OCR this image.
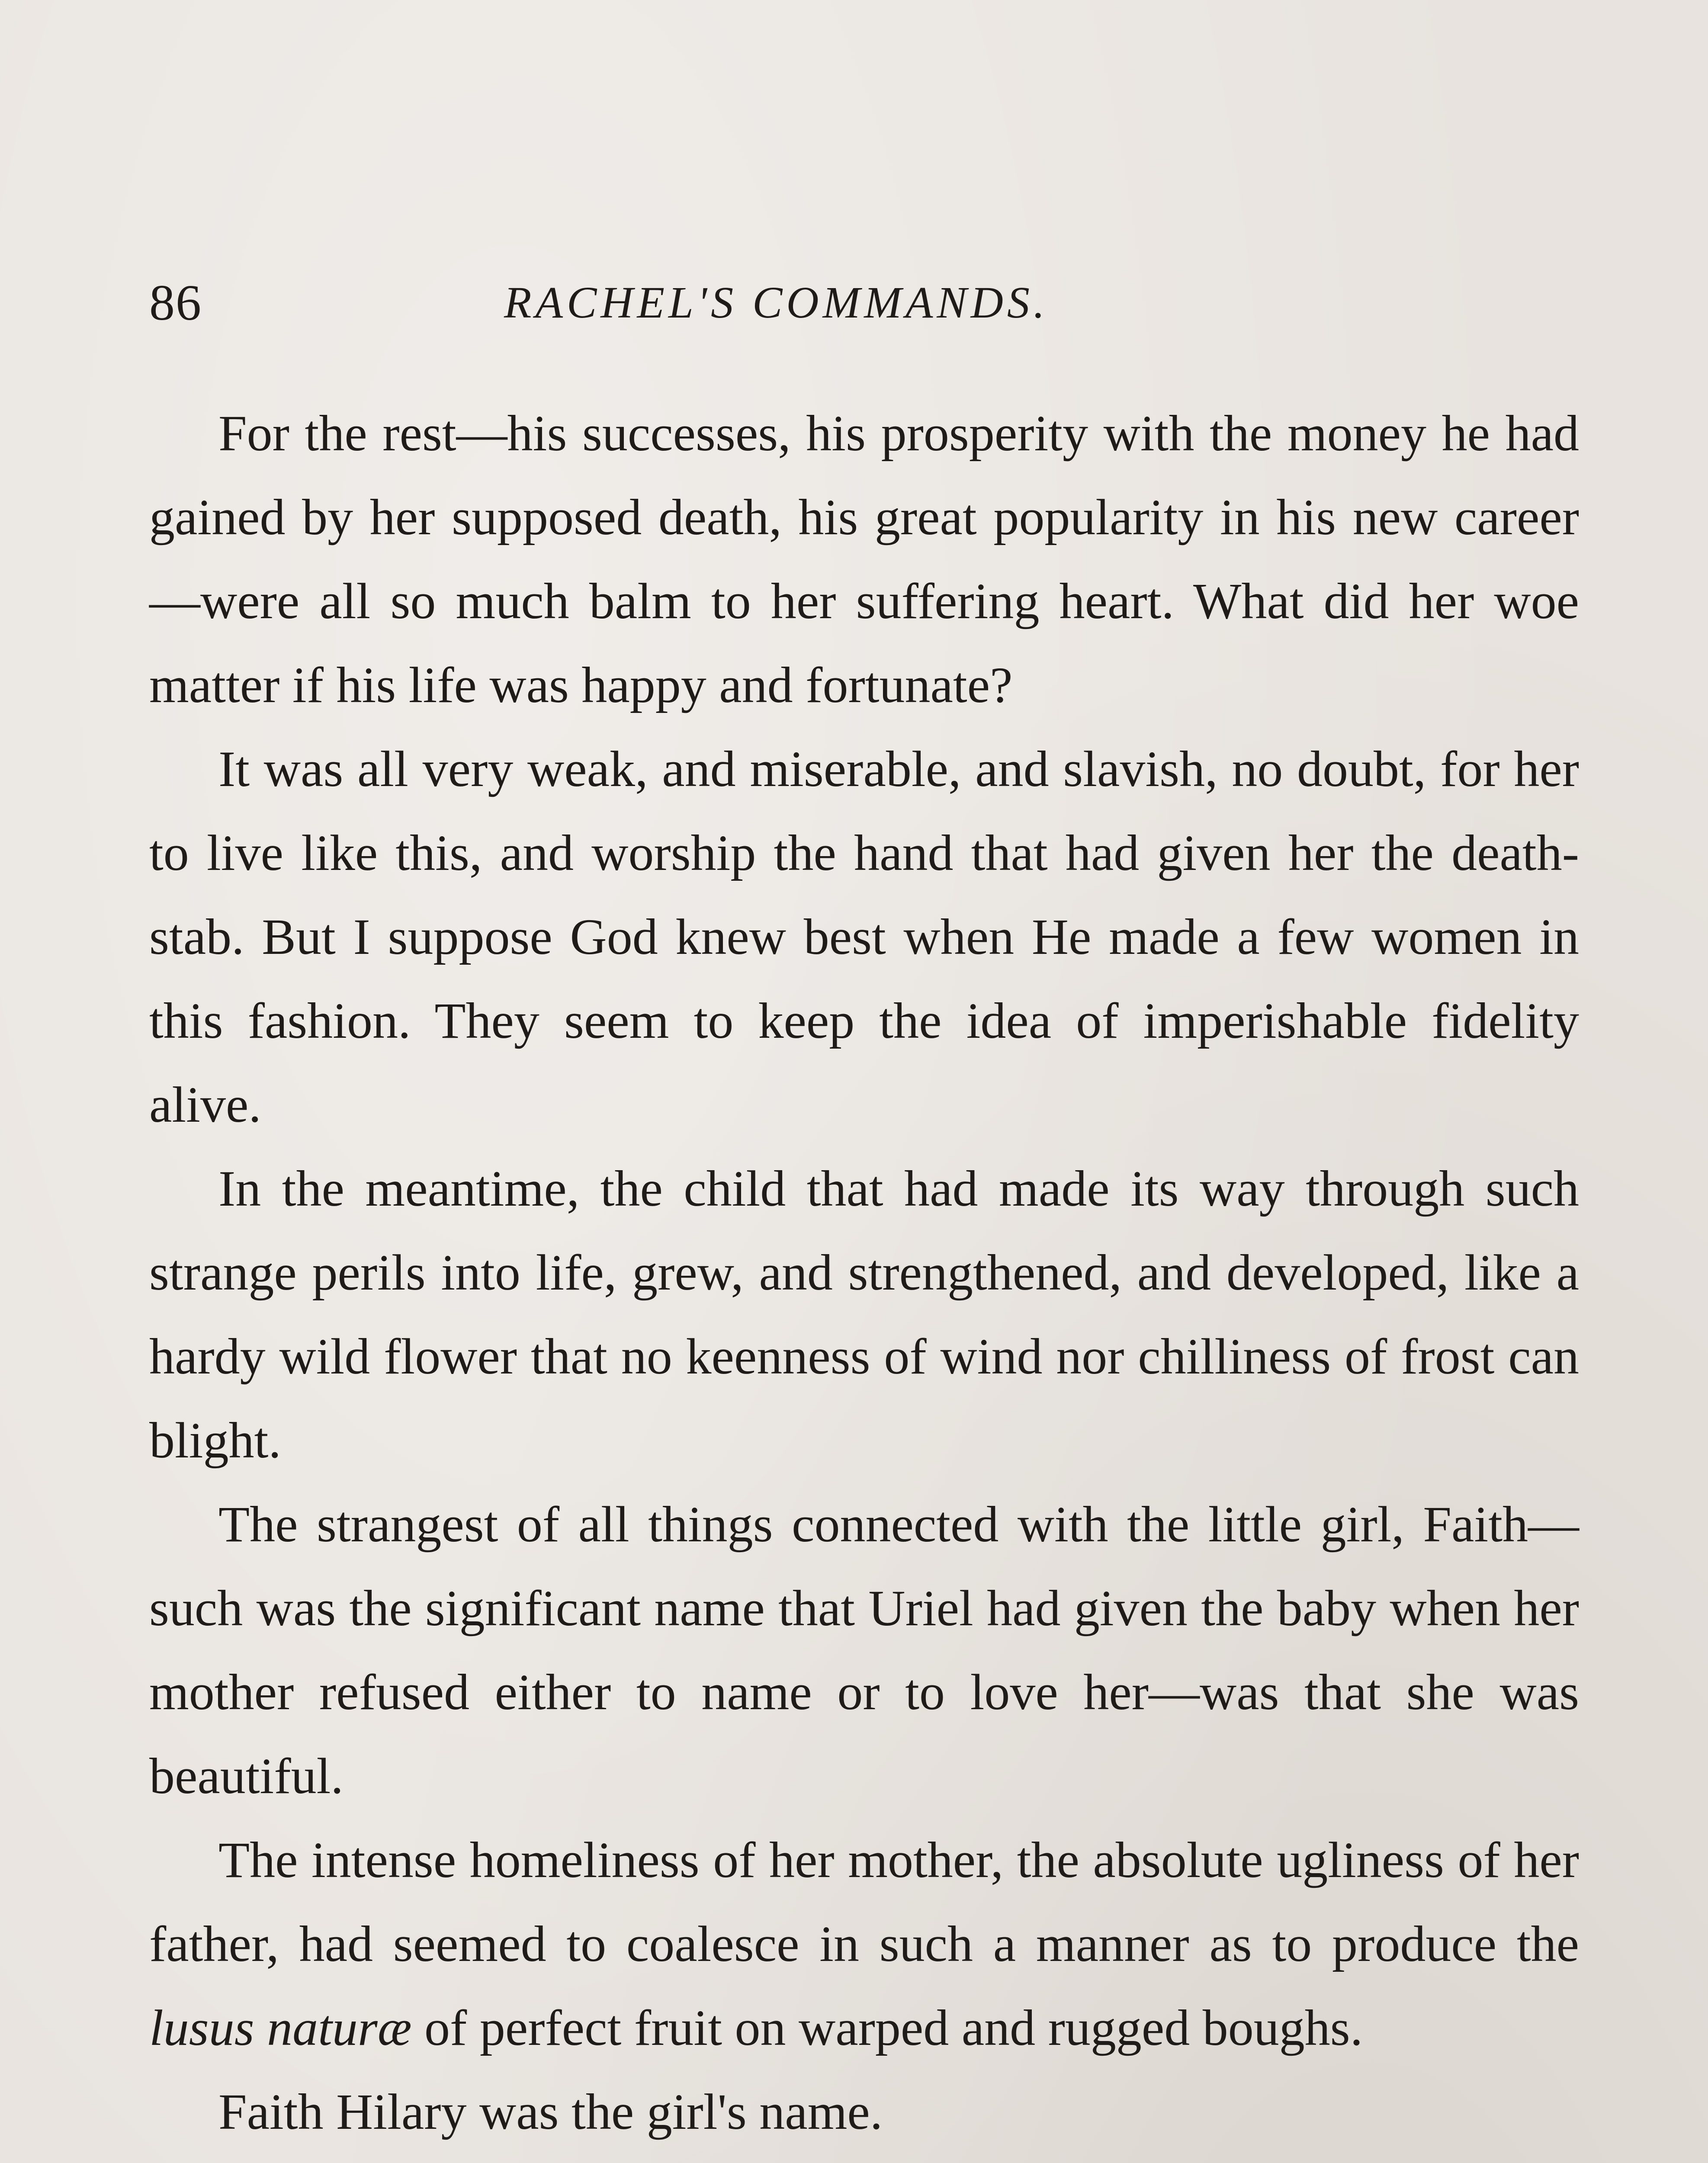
86	RACHEL'S COMMANDS.

For the rest—his successes, his prosperity with the money he had gained by her supposed death, his great popularity in his new career—were all so much balm to her suffering heart. What did her woe matter if his life was happy and fortunate?

It was all very weak, and miserable, and slavish, no doubt, for her to live like this, and worship the hand that had given her the death-stab. But I suppose God knew best when He made a few women in this fashion. They seem to keep the idea of imperishable fidelity alive.

In the meantime, the child that had made its way through such strange perils into life, grew, and strengthened, and developed, like a hardy wild flower that no keenness of wind nor chilliness of frost can blight.

The strangest of all things connected with the little girl, Faith—such was the significant name that Uriel had given the baby when her mother refused either to name or to love her—was that she was beautiful.

The intense homeliness of her mother, the absolute ugliness of her father, had seemed to coalesce in such a manner as to produce the lusus naturæ of perfect fruit on warped and rugged boughs.

Faith Hilary was the girl's name.
